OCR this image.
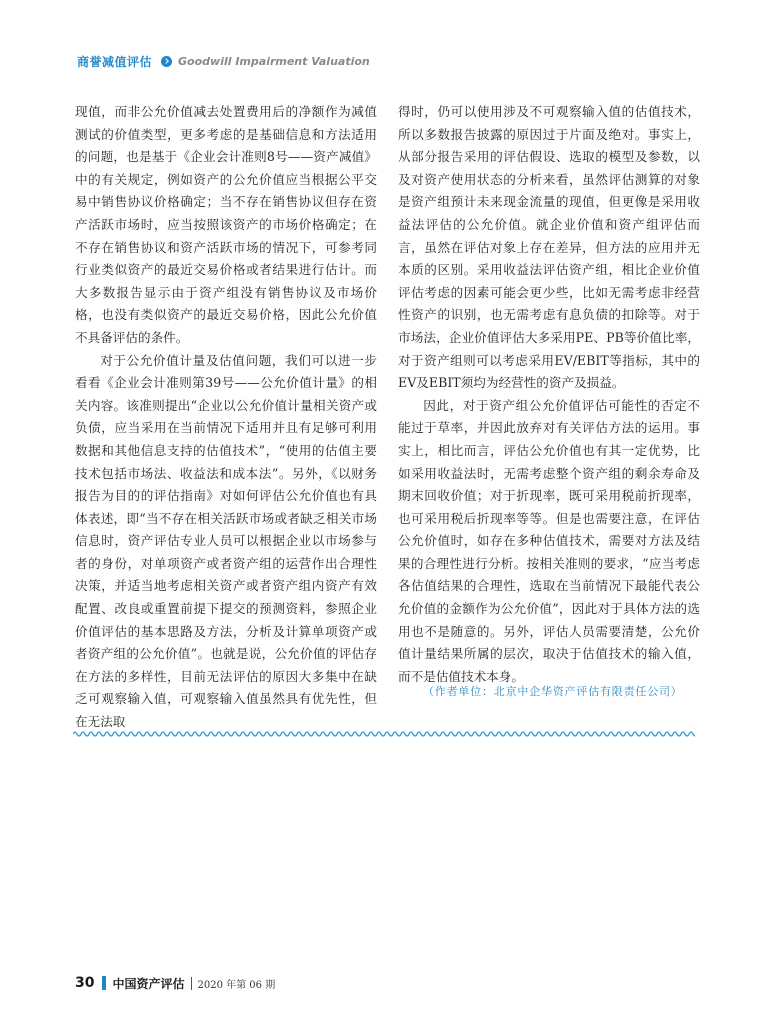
商誉减值评估 Goodwill Impairment Valuation

现值，而非公允价值减去处置费用后的净额作为减值测试的价值类型，更多考虑的是基础信息和方法适用的问题，也是基于《企业会计准则8号——资产减值》中的有关规定，例如资产的公允价值应当根据公平交易中销售协议价格确定；当不存在销售协议但存在资产活跃市场时，应当按照该资产的市场价格确定；在不存在销售协议和资产活跃市场的情况下，可参考同行业类似资产的最近交易价格或者结果进行估计。而大多数报告显示由于资产组没有销售协议及市场价格，也没有类似资产的最近交易价格，因此公允价值不具备评估的条件。

对于公允价值计量及估值问题，我们可以进一步看看《企业会计准则第39号——公允价值计量》的相关内容。该准则提出“企业以公允价值计量相关资产或负债，应当采用在当前情况下适用并且有足够可利用数据和其他信息支持的估值技术”，“使用的估值主要技术包括市场法、收益法和成本法”。另外，《以财务报告为目的的评估指南》对如何评估公允价值也有具体表述，即“当不存在相关活跃市场或者缺乏相关市场信息时，资产评估专业人员可以根据企业以市场参与者的身份，对单项资产或者资产组的运营作出合理性决策，并适当地考虑相关资产或者资产组内资产有效配置、改良或重置前提下提交的预测资料，参照企业价值评估的基本思路及方法，分析及计算单项资产或者资产组的公允价值”。也就是说，公允价值的评估存在方法的多样性，目前无法评估的原因大多集中在缺乏可观察输入值，可观察输入值虽然具有优先性，但在无法取

得时，仍可以使用涉及不可观察输入值的估值技术，所以多数报告披露的原因过于片面及绝对。事实上，从部分报告采用的评估假设、选取的模型及参数，以及对资产使用状态的分析来看，虽然评估测算的对象是资产组预计未来现金流量的现值，但更像是采用收益法评估的公允价值。就企业价值和资产组评估而言，虽然在评估对象上存在差异，但方法的应用并无本质的区别。采用收益法评估资产组，相比企业价值评估考虑的因素可能会更少些，比如无需考虑非经营性资产的识别，也无需考虑有息负债的扣除等。对于市场法，企业价值评估大多采用PE、PB等价值比率，对于资产组则可以考虑采用EV/EBIT等指标，其中的EV及EBIT须均为经营性的资产及损益。

因此，对于资产组公允价值评估可能性的否定不能过于草率，并因此放弃对有关评估方法的运用。事实上，相比而言，评估公允价值也有其一定优势，比如采用收益法时，无需考虑整个资产组的剩余寿命及期末回收价值；对于折现率，既可采用税前折现率，也可采用税后折现率等等。但是也需要注意，在评估公允价值时，如存在多种估值技术，需要对方法及结果的合理性进行分析。按相关准则的要求，“应当考虑各估值结果的合理性，选取在当前情况下最能代表公允价值的金额作为公允价值”，因此对于具体方法的选用也不是随意的。另外，评估人员需要清楚，公允价值计量结果所属的层次，取决于估值技术的输入值，而不是估值技术本身。

（作者单位：北京中企华资产评估有限责任公司）
30 中国资产评估 2020 年第 06 期
